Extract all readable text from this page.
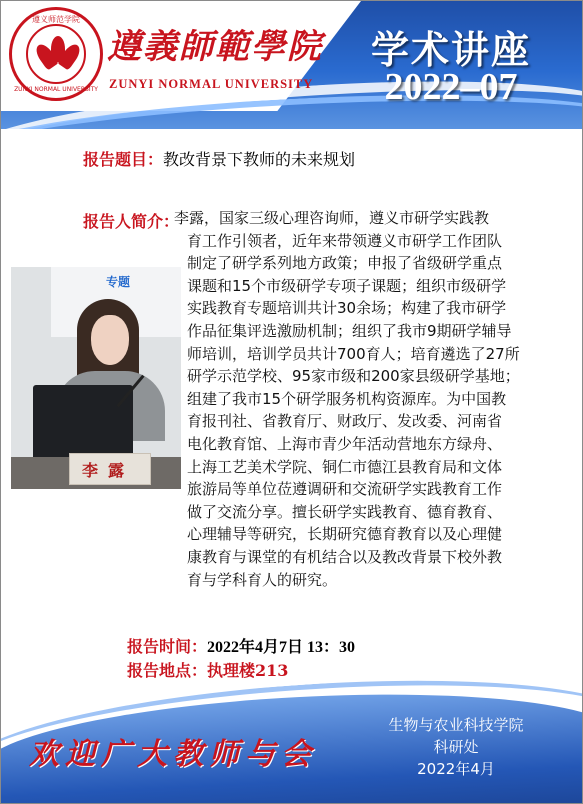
遵义师范学院
ZUNYI NORMAL UNIVERSITY
遵義師範學院
ZUNYI NORMAL UNIVERSITY
学术讲座
2022–07
报告题目：教改背景下教师的未来规划
报告人简介：
李露，国家三级心理咨询师，遵义市研学实践教
育工作引领者，近年来带领遵义市研学工作团队
制定了研学系列地方政策；申报了省级研学重点
课题和15个市级研学专项子课题；组织市级研学
实践教育专题培训共计30余场；构建了我市研学
作品征集评选激励机制；组织了我市9期研学辅导
师培训，培训学员共计700育人；培育遴选了27所
研学示范学校、95家市级和200家县级研学基地；
组建了我市15个研学服务机构资源库。为中国教
育报刊社、省教育厅、财政厅、发改委、河南省
电化教育馆、上海市青少年活动营地东方绿舟、
上海工艺美术学院、铜仁市德江县教育局和文体
旅游局等单位莅遵调研和交流研学实践教育工作
做了交流分享。擅长研学实践教育、德育教育、
心理辅导等研究，长期研究德育教育以及心理健
康教育与课堂的有机结合以及教改背景下校外教
育与学科育人的研究。
专题
李露
报告时间：2022年4月7日 13：30
报告地点：执理楼213
欢迎广大教师与会
生物与农业科技学院
科研处
2022年4月
